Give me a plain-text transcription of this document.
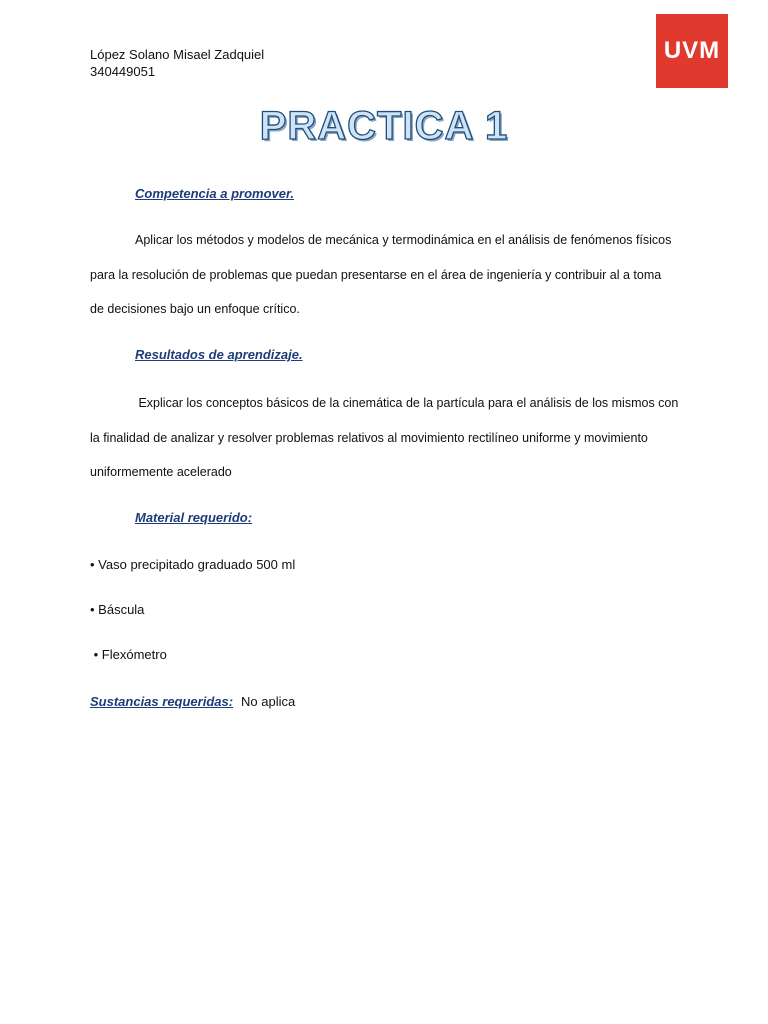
López Solano Misael Zadquiel
340449051
UVM
PRACTICA 1
Competencia a promover.
Aplicar los métodos y modelos de mecánica y termodinámica en el análisis de fenómenos físicos
para la resolución de problemas que puedan presentarse en el área de ingeniería y contribuir al a toma
de decisiones bajo un enfoque crítico.
Resultados de aprendizaje.
Explicar los conceptos básicos de la cinemática de la partícula para el análisis de los mismos con
la finalidad de analizar y resolver problemas relativos al movimiento rectilíneo uniforme y movimiento
uniformemente acelerado
Material requerido:
• Vaso precipitado graduado 500 ml
• Báscula
• Flexómetro
Sustancias requeridas: No aplica
